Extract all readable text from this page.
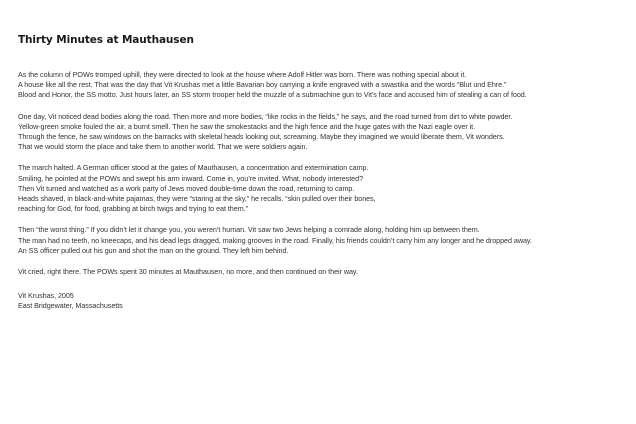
Thirty Minutes at Mauthausen
As the column of POWs tromped uphill, they were directed to look at the house where Adolf Hitler was born. There was nothing special about it.
A house like all the rest. That was the day that Vit Krushas met a little Bavarian boy carrying a knife engraved with a swastika and the words “Blut und Ehre.”
Blood and Honor, the SS motto. Just hours later, an SS storm trooper held the muzzle of a submachine gun to Vit’s face and accused him of stealing a can of food.
One day, Vit noticed dead bodies along the road. Then more and more bodies, “like rocks in the fields,” he says, and the road turned from dirt to white powder.
Yellow-green smoke fouled the air, a burnt smell. Then he saw the smokestacks and the high fence and the huge gates with the Nazi eagle over it.
Through the fence, he saw windows on the barracks with skeletal heads looking out, screaming. Maybe they imagined we would liberate them, Vit wonders.
That we would storm the place and take them to another world. That we were soldiers again.
The march halted. A German officer stood at the gates of Mauthausen, a concentration and extermination camp.
Smiling, he pointed at the POWs and swept his arm inward. Come in, you’re invited. What, nobody interested?
Then Vit turned and watched as a work party of Jews moved double-time down the road, returning to camp.
Heads shaved, in black-and-white pajamas, they were “staring at the sky,” he recalls. “skin pulled over their bones,
reaching for God, for food, grabbing at birch twigs and trying to eat them.”
Then “the worst thing.” If you didn’t let it change you, you weren’t human. Vit saw two Jews helping a comrade along, holding him up between them.
The man had no teeth, no kneecaps, and his dead legs dragged, making grooves in the road. Finally, his friends couldn’t carry him any longer and he dropped away.
An SS officer pulled out his gun and shot the man on the ground. They left him behind.
Vit cried, right there. The POWs spent 30 minutes at Mauthausen, no more, and then continued on their way.
Vit Krushas, 2005
East Bridgewater, Massachusetts
